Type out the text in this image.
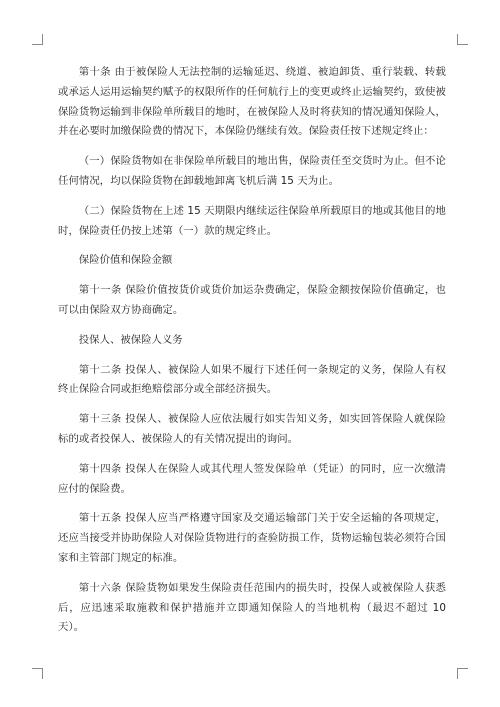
第十条 由于被保险人无法控制的运输延迟、绕道、被迫卸货、重行装载、转载或承运人运用运输契约赋予的权限所作的任何航行上的变更或终止运输契约，致使被保险货物运输到非保险单所载目的地时，在被保险人及时将获知的情况通知保险人，并在必要时加缴保险费的情况下，本保险仍继续有效。保险责任按下述规定终止：

（一）保险货物如在非保险单所载目的地出售，保险责任至交货时为止。但不论任何情况，均以保险货物在卸载地卸离飞机后满 15 天为止。

（二）保险货物在上述 15 天期限内继续运往保险单所载原目的地或其他目的地时，保险责任仍按上述第（一）款的规定终止。

保险价值和保险金额

第十一条 保险价值按货价或货价加运杂费确定，保险金额按保险价值确定，也可以由保险双方协商确定。

投保人、被保险人义务

第十二条 投保人、被保险人如果不履行下述任何一条规定的义务，保险人有权终止保险合同或拒绝赔偿部分或全部经济损失。

第十三条 投保人、被保险人应依法履行如实告知义务，如实回答保险人就保险标的或者投保人、被保险人的有关情况提出的询问。

第十四条 投保人在保险人或其代理人签发保险单（凭证）的同时，应一次缴清应付的保险费。

第十五条 投保人应当严格遵守国家及交通运输部门关于安全运输的各项规定，还应当接受并协助保险人对保险货物进行的查验防损工作，货物运输包装必须符合国家和主管部门规定的标准。

第十六条 保险货物如果发生保险责任范围内的损失时，投保人或被保险人获悉后，应迅速采取施救和保护措施并立即通知保险人的当地机构（最迟不超过 10 天）。
